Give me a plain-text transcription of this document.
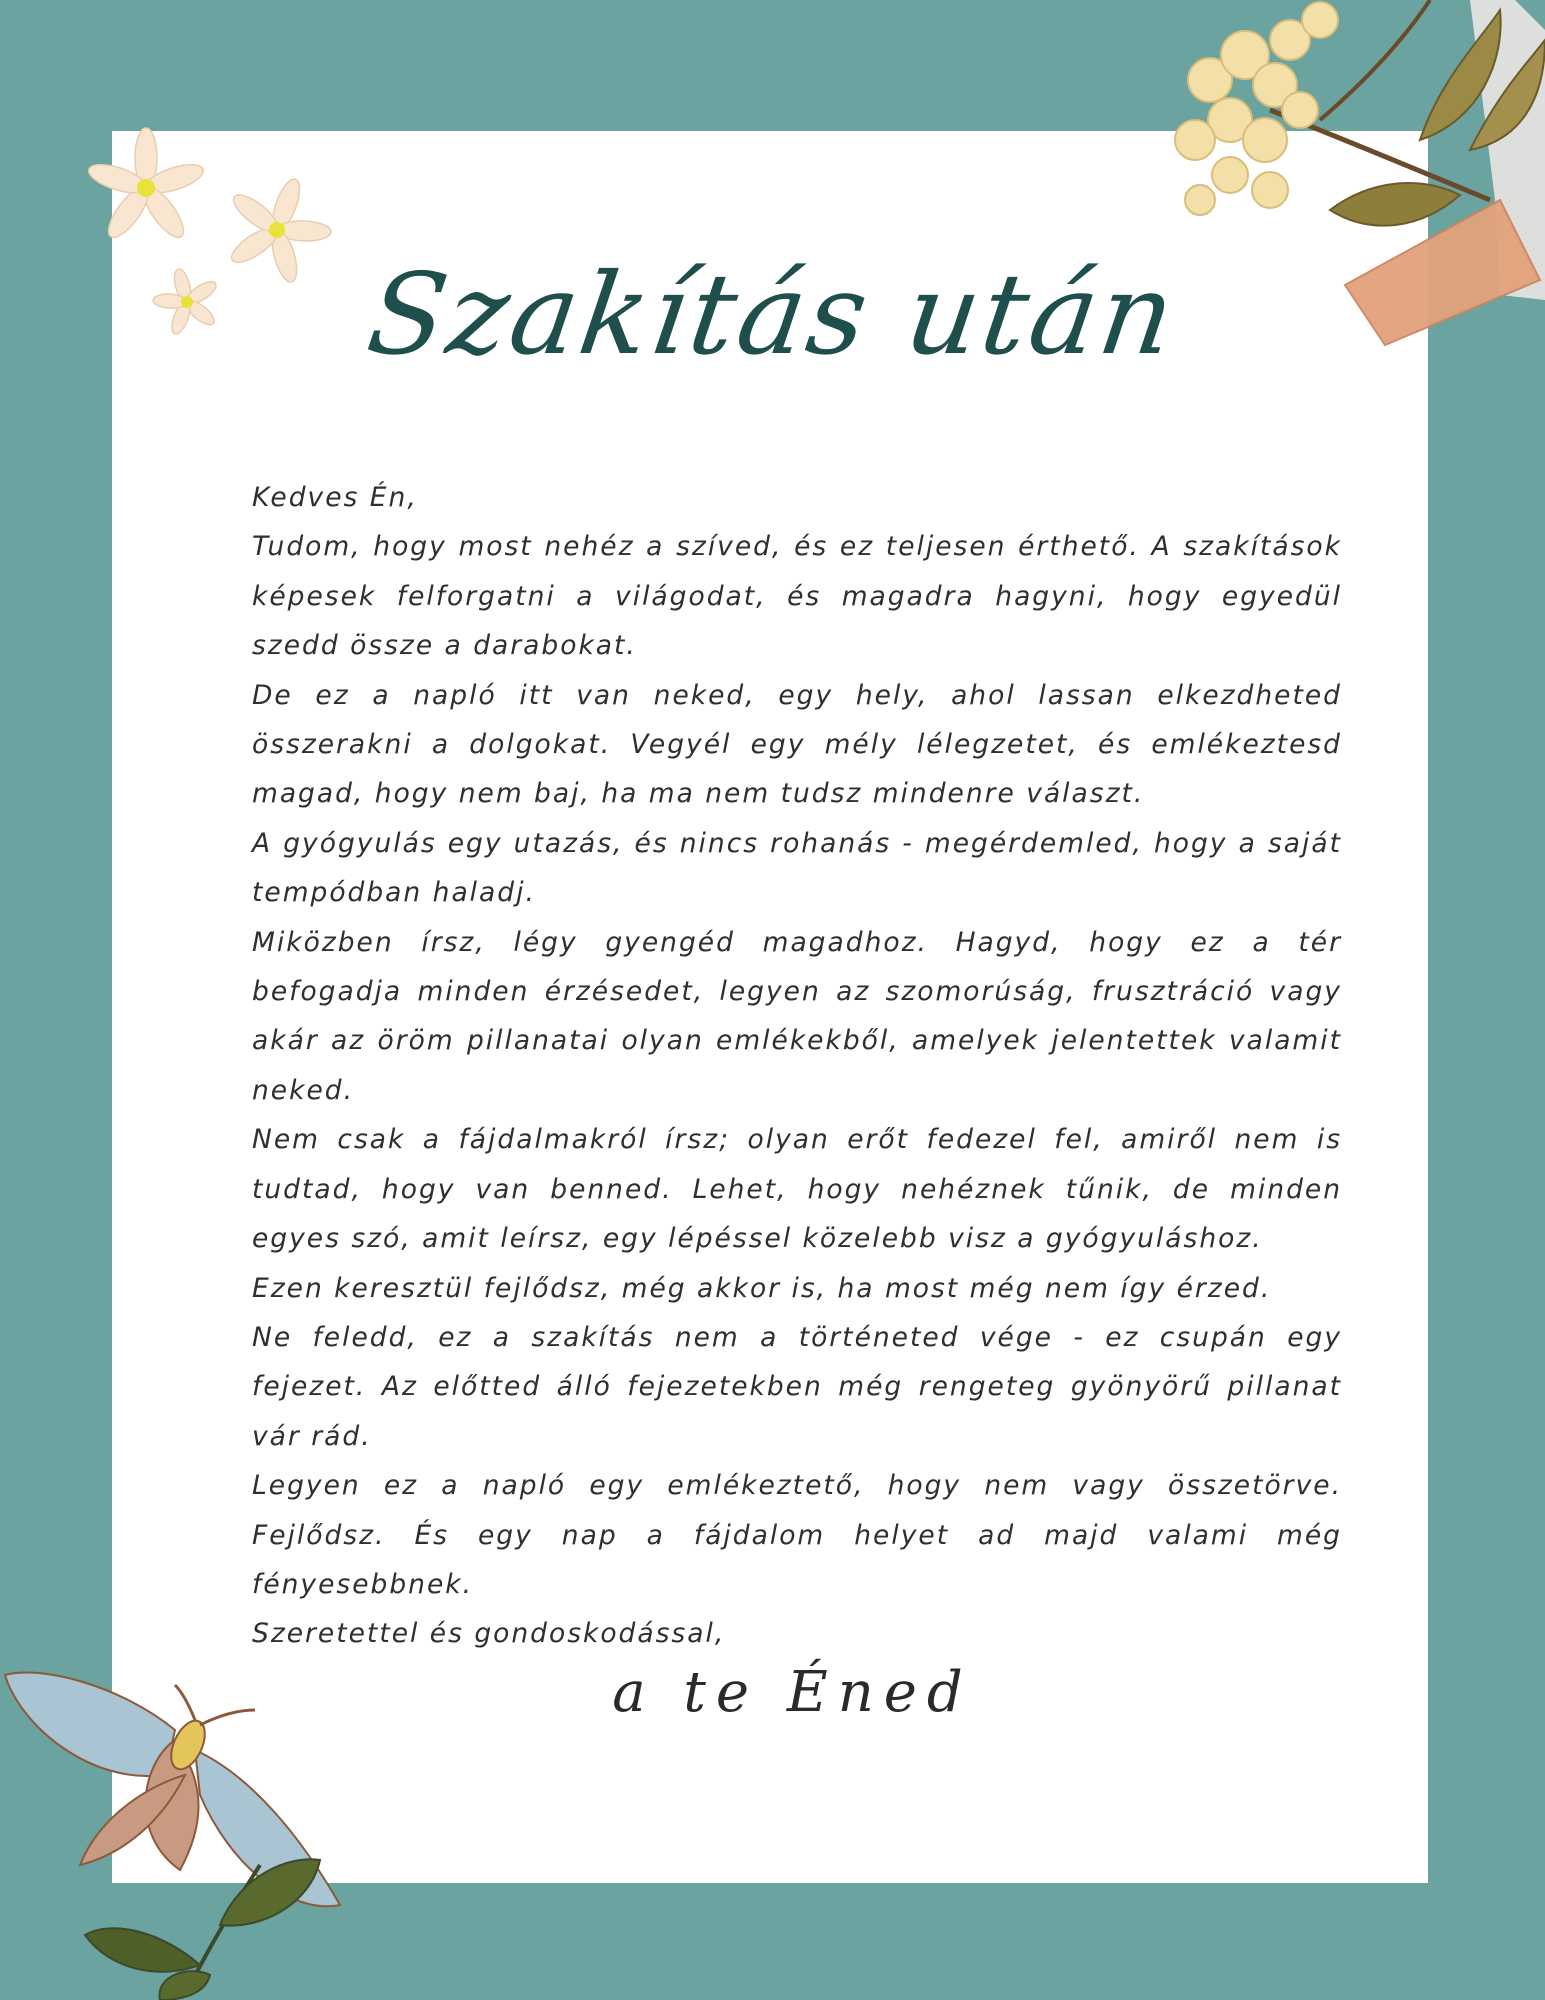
Szakítás után

Kedves Én,

Tudom, hogy most nehéz a szíved, és ez teljesen érthető. A szakítások képesek felforgatni a világodat, és magadra hagyni, hogy egyedül szedd össze a darabokat.

De ez a napló itt van neked, egy hely, ahol lassan elkezdheted összerakni a dolgokat. Vegyél egy mély lélegzetet, és emlékeztesd magad, hogy nem baj, ha ma nem tudsz mindenre választ.

A gyógyulás egy utazás, és nincs rohanás - megérdemled, hogy a saját tempódban haladj.

Miközben írsz, légy gyengéd magadhoz. Hagyd, hogy ez a tér befogadja minden érzésedet, legyen az szomorúság, frusztráció vagy akár az öröm pillanatai olyan emlékekből, amelyek jelentettek valamit neked.

Nem csak a fájdalmakról írsz; olyan erőt fedezel fel, amiről nem is tudtad, hogy van benned. Lehet, hogy nehéznek tűnik, de minden egyes szó, amit leírsz, egy lépéssel közelebb visz a gyógyuláshoz.

Ezen keresztül fejlődsz, még akkor is, ha most még nem így érzed.

Ne feledd, ez a szakítás nem a történeted vége - ez csupán egy fejezet. Az előtted álló fejezetekben még rengeteg gyönyörű pillanat vár rád.

Legyen ez a napló egy emlékeztető, hogy nem vagy összetörve. Fejlődsz. És egy nap a fájdalom helyet ad majd valami még fényesebbnek.

Szeretettel és gondoskodással,

a te Éned
